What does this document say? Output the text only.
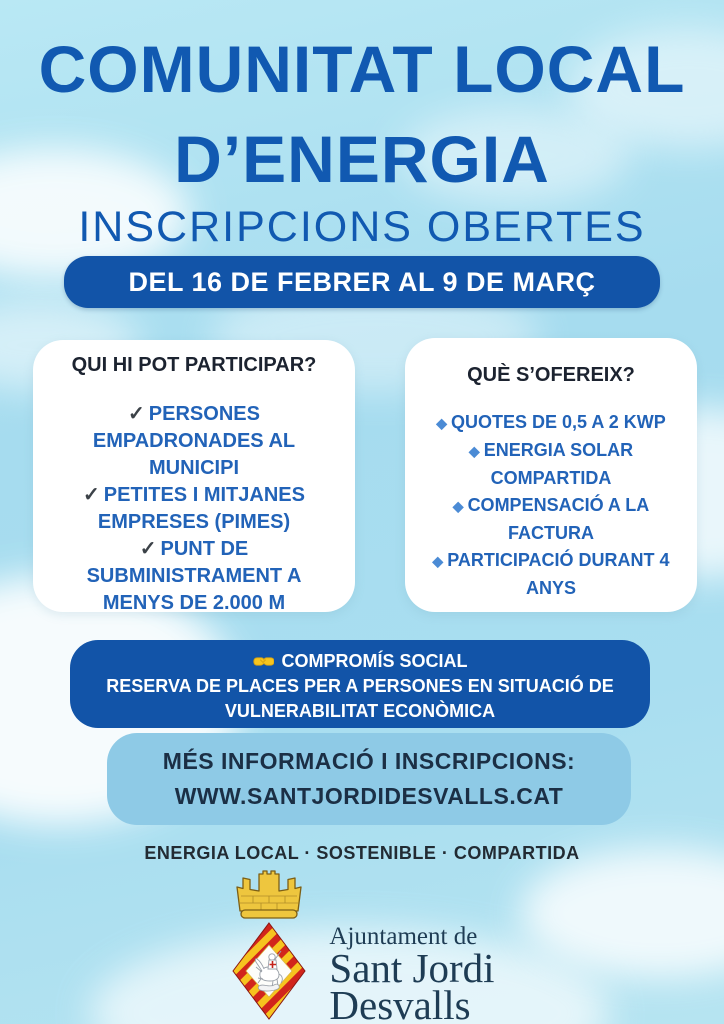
COMUNITAT LOCAL
D’ENERGIA
INSCRIPCIONS OBERTES
DEL 16 DE FEBRER AL 9 DE MARÇ
QUI HI POT PARTICIPAR?
✓ PERSONES EMPADRONADES AL MUNICIPI
✓ PETITES I MITJANES EMPRESES (PIMES)
✓ PUNT DE SUBMINISTRAMENT A MENYS DE 2.000 M
QUÈ S’OFEREIX?
◆ QUOTES DE 0,5 A 2 KWP
◆ ENERGIA SOLAR COMPARTIDA
◆ COMPENSACIÓ A LA FACTURA
◆ PARTICIPACIÓ DURANT 4 ANYS
COMPROMÍS SOCIAL
RESERVA DE PLACES PER A PERSONES EN SITUACIÓ DE VULNERABILITAT ECONÒMICA
MÉS INFORMACIÓ I INSCRIPCIONS:
WWW.SANTJORDIDESVALLS.CAT
ENERGIA LOCAL · SOSTENIBLE · COMPARTIDA
Ajuntament de
Sant Jordi
Desvalls
